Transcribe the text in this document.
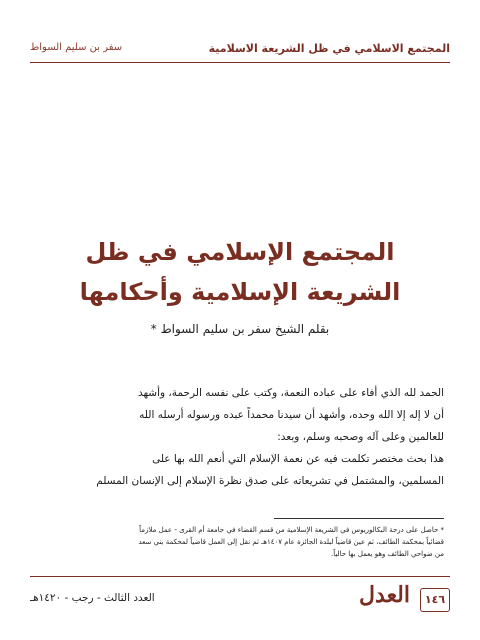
المجتمع الاسلامي في ظل الشريعة الاسلامية
سفر بن سليم السواط
المجتمع الإسلامي في ظل
الشريعة الإسلامية وأحكامها
بقلم الشيخ سفر بن سليم السواط *

الحمد لله الذي أفاء على عباده النعمة، وكتب على نفسه الرحمة، وأشهد

أن لا إله إلا الله وحده، وأشهد أن سيدنا محمداً عبده ورسوله أرسله الله

للعالمين وعلى آله وصحبه وسلم، وبعد:

هذا بحث مختصر تكلمت فيه عن نعمة الإسلام التي أنعم الله بها على

المسلمين، والمشتمل في تشريعاته على صدق نظرة الإسلام إلى الإنسان المسلم

* حاصل على درجة البكالوريوس في الشريعة الإسلامية من قسم القضاء في جامعة أم القرى - عمل ملازماً

قضائياً بمحكمة الطائف، ثم عين قاضياً لبلدة الجائزة عام ١٤٠٧هـ ثم نقل إلى العمل قاضياً لمحكمة بني سعد

من ضواحي الطائف وهو يعمل بها حالياً.

١٤٦
العدل
العدد الثالث - رجب - ١٤٢٠هـ
